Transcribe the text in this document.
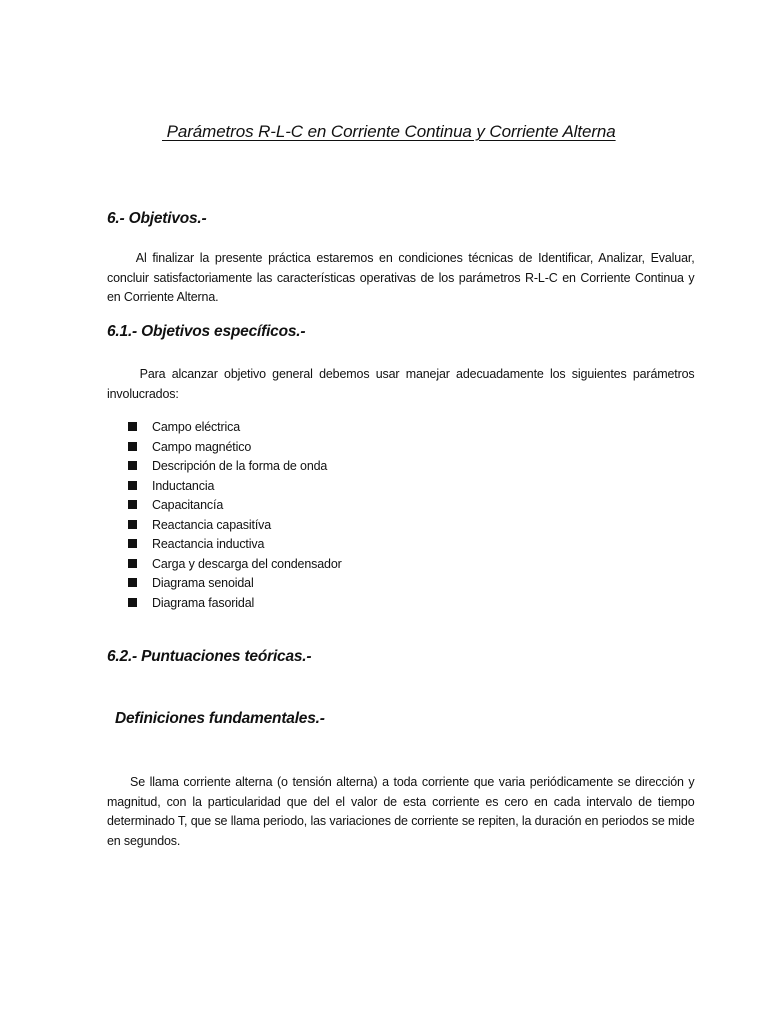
Parámetros R-L-C en Corriente Continua y Corriente Alterna
6.- Objetivos.-
Al finalizar la presente práctica estaremos en condiciones técnicas de Identificar, Analizar, Evaluar, concluir satisfactoriamente las características operativas de los parámetros R-L-C en Corriente Continua y en Corriente Alterna.
6.1.- Objetivos específicos.-
Para alcanzar objetivo general debemos usar manejar adecuadamente los siguientes parámetros involucrados:
Campo eléctrica
Campo magnético
Descripción de la forma de onda
Inductancia
Capacitancía
Reactancia capasitíva
Reactancia inductiva
Carga y descarga del condensador
Diagrama senoidal
Diagrama fasoridal
6.2.- Puntuaciones teóricas.-
Definiciones fundamentales.-
Se llama corriente alterna (o tensión alterna) a toda corriente que varia periódicamente se dirección y magnitud, con la particularidad que del el valor de esta corriente es cero en cada intervalo de tiempo determinado T, que se llama periodo, las variaciones de corriente se repiten, la duración en periodos se mide en segundos.
